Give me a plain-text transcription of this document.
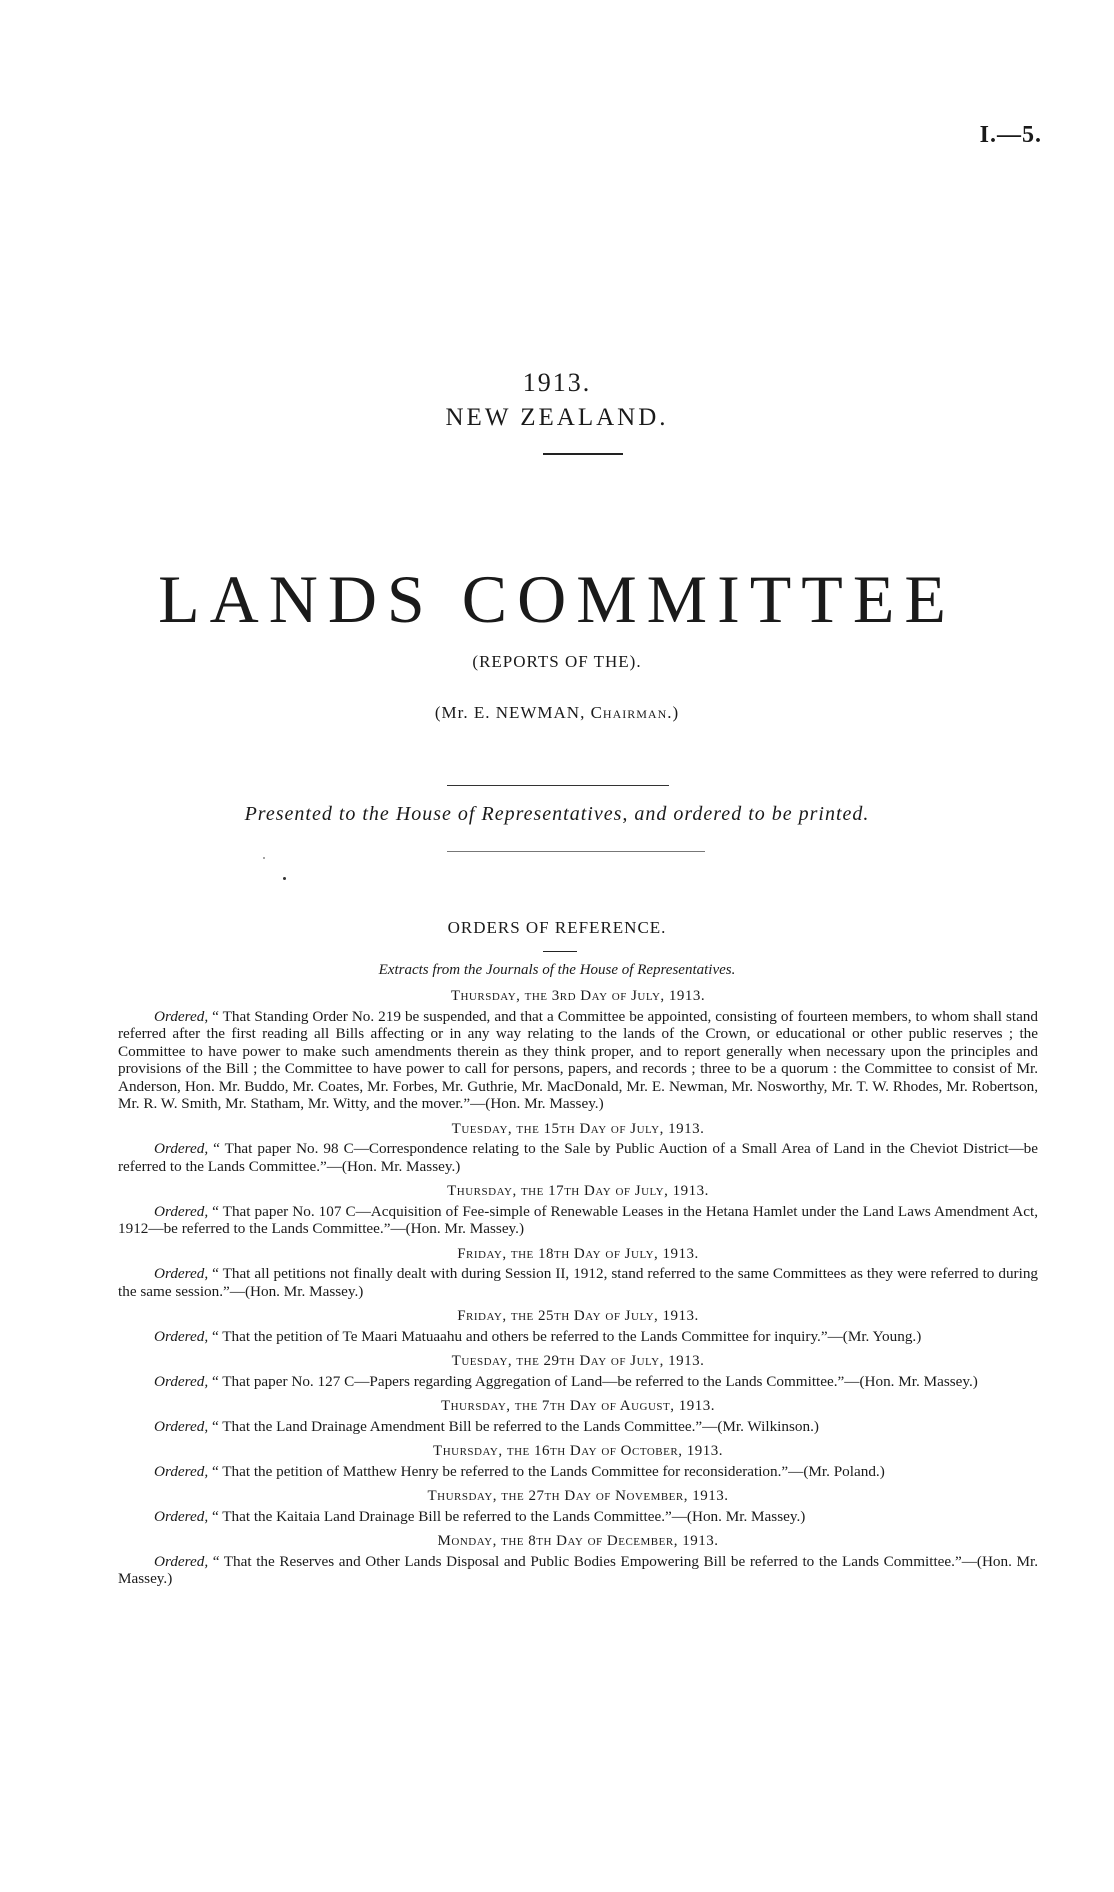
I.—5.
1913.
NEW ZEALAND.
LANDS COMMITTEE
(REPORTS OF THE).
(Mr. E. NEWMAN, Chairman.)
Presented to the House of Representatives, and ordered to be printed.
ORDERS OF REFERENCE.
Extracts from the Journals of the House of Representatives.
Thursday, the 3rd Day of July, 1913.

Ordered, “ That Standing Order No. 219 be suspended, and that a Committee be appointed, consisting of fourteen members, to whom shall stand referred after the first reading all Bills affecting or in any way relating to the lands of the Crown, or educational or other public reserves ; the Committee to have power to make such amendments therein as they think proper, and to report generally when necessary upon the principles and provisions of the Bill ; the Committee to have power to call for persons, papers, and records ; three to be a quorum : the Committee to consist of Mr. Anderson, Hon. Mr. Buddo, Mr. Coates, Mr. Forbes, Mr. Guthrie, Mr. MacDonald, Mr. E. Newman, Mr. Nosworthy, Mr. T. W. Rhodes, Mr. Robertson, Mr. R. W. Smith, Mr. Statham, Mr. Witty, and the mover.”—(Hon. Mr. Massey.)

Tuesday, the 15th Day of July, 1913.

Ordered, “ That paper No. 98 C—Correspondence relating to the Sale by Public Auction of a Small Area of Land in the Cheviot District—be referred to the Lands Committee.”—(Hon. Mr. Massey.)

Thursday, the 17th Day of July, 1913.

Ordered, “ That paper No. 107 C—Acquisition of Fee-simple of Renewable Leases in the Hetana Hamlet under the Land Laws Amendment Act, 1912—be referred to the Lands Committee.”—(Hon. Mr. Massey.)

Friday, the 18th Day of July, 1913.

Ordered, “ That all petitions not finally dealt with during Session II, 1912, stand referred to the same Committees as they were referred to during the same session.”—(Hon. Mr. Massey.)

Friday, the 25th Day of July, 1913.

Ordered, “ That the petition of Te Maari Matuaahu and others be referred to the Lands Committee for inquiry.”—(Mr. Young.)

Tuesday, the 29th Day of July, 1913.

Ordered, “ That paper No. 127 C—Papers regarding Aggregation of Land—be referred to the Lands Committee.”—(Hon. Mr. Massey.)

Thursday, the 7th Day of August, 1913.

Ordered, “ That the Land Drainage Amendment Bill be referred to the Lands Committee.”—(Mr. Wilkinson.)

Thursday, the 16th Day of October, 1913.

Ordered, “ That the petition of Matthew Henry be referred to the Lands Committee for reconsideration.”—(Mr. Poland.)

Thursday, the 27th Day of November, 1913.

Ordered, “ That the Kaitaia Land Drainage Bill be referred to the Lands Committee.”—(Hon. Mr. Massey.)

Monday, the 8th Day of December, 1913.

Ordered, “ That the Reserves and Other Lands Disposal and Public Bodies Empowering Bill be referred to the Lands Committee.”—(Hon. Mr. Massey.)
